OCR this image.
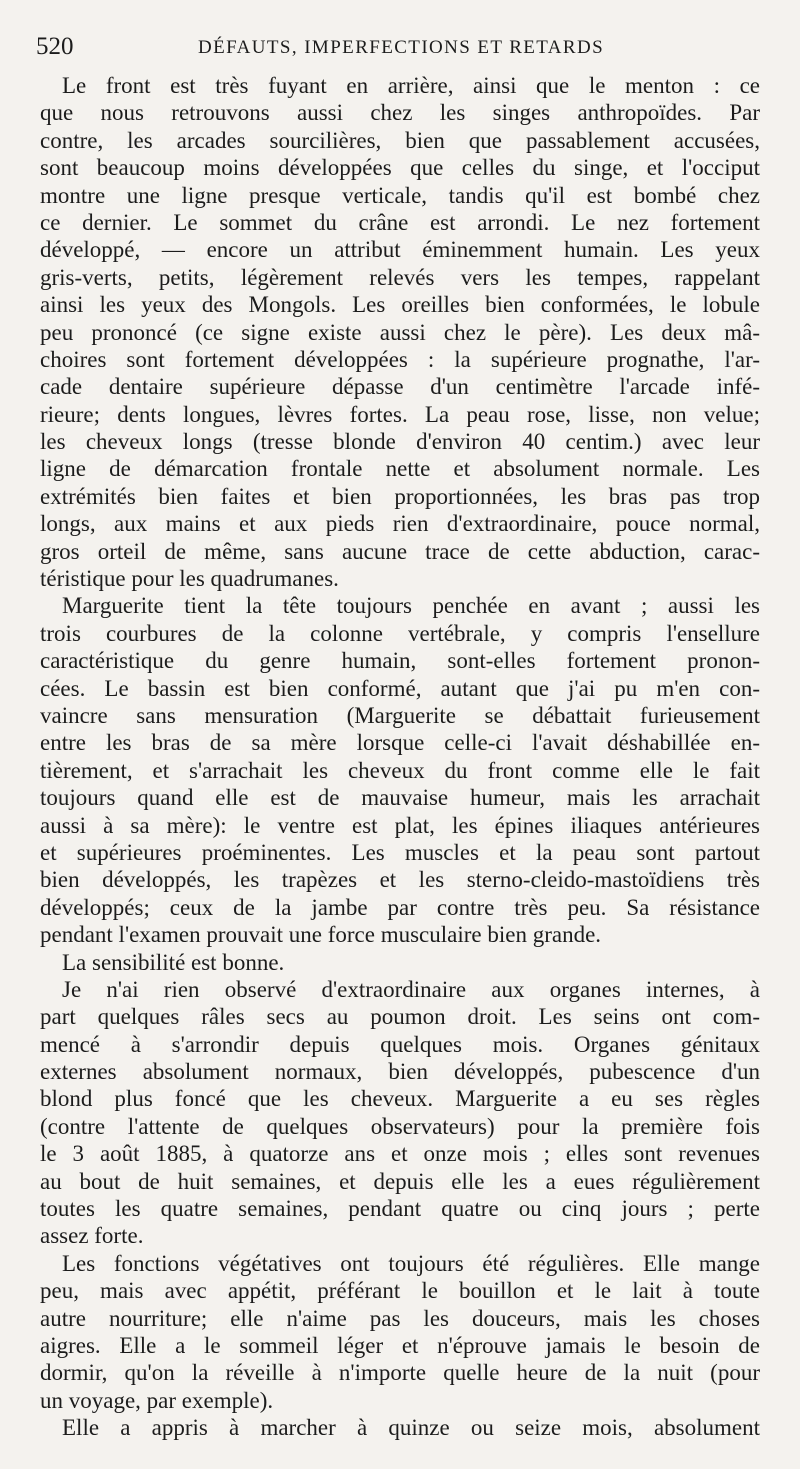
520	DÉFAUTS, IMPERFECTIONS ET RETARDS
Le front est très fuyant en arrière, ainsi que le menton : ce
que nous retrouvons aussi chez les singes anthropoïdes. Par
contre, les arcades sourcilières, bien que passablement accusées,
sont beaucoup moins développées que celles du singe, et l'occiput
montre une ligne presque verticale, tandis qu'il est bombé chez
ce dernier. Le sommet du crâne est arrondi. Le nez fortement
développé, — encore un attribut éminemment humain. Les yeux
gris-verts, petits, légèrement relevés vers les tempes, rappelant
ainsi les yeux des Mongols. Les oreilles bien conformées, le lobule
peu prononcé (ce signe existe aussi chez le père). Les deux mâ-
choires sont fortement développées : la supérieure prognathe, l'ar-
cade dentaire supérieure dépasse d'un centimètre l'arcade infé-
rieure; dents longues, lèvres fortes. La peau rose, lisse, non velue;
les cheveux longs (tresse blonde d'environ 40 centim.) avec leur
ligne de démarcation frontale nette et absolument normale. Les
extrémités bien faites et bien proportionnées, les bras pas trop
longs, aux mains et aux pieds rien d'extraordinaire, pouce normal,
gros orteil de même, sans aucune trace de cette abduction, carac-
téristique pour les quadrumanes.
Marguerite tient la tête toujours penchée en avant ; aussi les
trois courbures de la colonne vertébrale, y compris l'ensellure
caractéristique du genre humain, sont-elles fortement pronon-
cées. Le bassin est bien conformé, autant que j'ai pu m'en con-
vaincre sans mensuration (Marguerite se débattait furieusement
entre les bras de sa mère lorsque celle-ci l'avait déshabillée en-
tièrement, et s'arrachait les cheveux du front comme elle le fait
toujours quand elle est de mauvaise humeur, mais les arrachait
aussi à sa mère): le ventre est plat, les épines iliaques antérieures
et supérieures proéminentes. Les muscles et la peau sont partout
bien développés, les trapèzes et les sterno-cleido-mastoïdiens très
développés; ceux de la jambe par contre très peu. Sa résistance
pendant l'examen prouvait une force musculaire bien grande.
La sensibilité est bonne.
Je n'ai rien observé d'extraordinaire aux organes internes, à
part quelques râles secs au poumon droit. Les seins ont com-
mencé à s'arrondir depuis quelques mois. Organes génitaux
externes absolument normaux, bien développés, pubescence d'un
blond plus foncé que les cheveux. Marguerite a eu ses règles
(contre l'attente de quelques observateurs) pour la première fois
le 3 août 1885, à quatorze ans et onze mois ; elles sont revenues
au bout de huit semaines, et depuis elle les a eues régulièrement
toutes les quatre semaines, pendant quatre ou cinq jours ; perte
assez forte.
Les fonctions végétatives ont toujours été régulières. Elle mange
peu, mais avec appétit, préférant le bouillon et le lait à toute
autre nourriture; elle n'aime pas les douceurs, mais les choses
aigres. Elle a le sommeil léger et n'éprouve jamais le besoin de
dormir, qu'on la réveille à n'importe quelle heure de la nuit (pour
un voyage, par exemple).
Elle a appris à marcher à quinze ou seize mois, absolument
